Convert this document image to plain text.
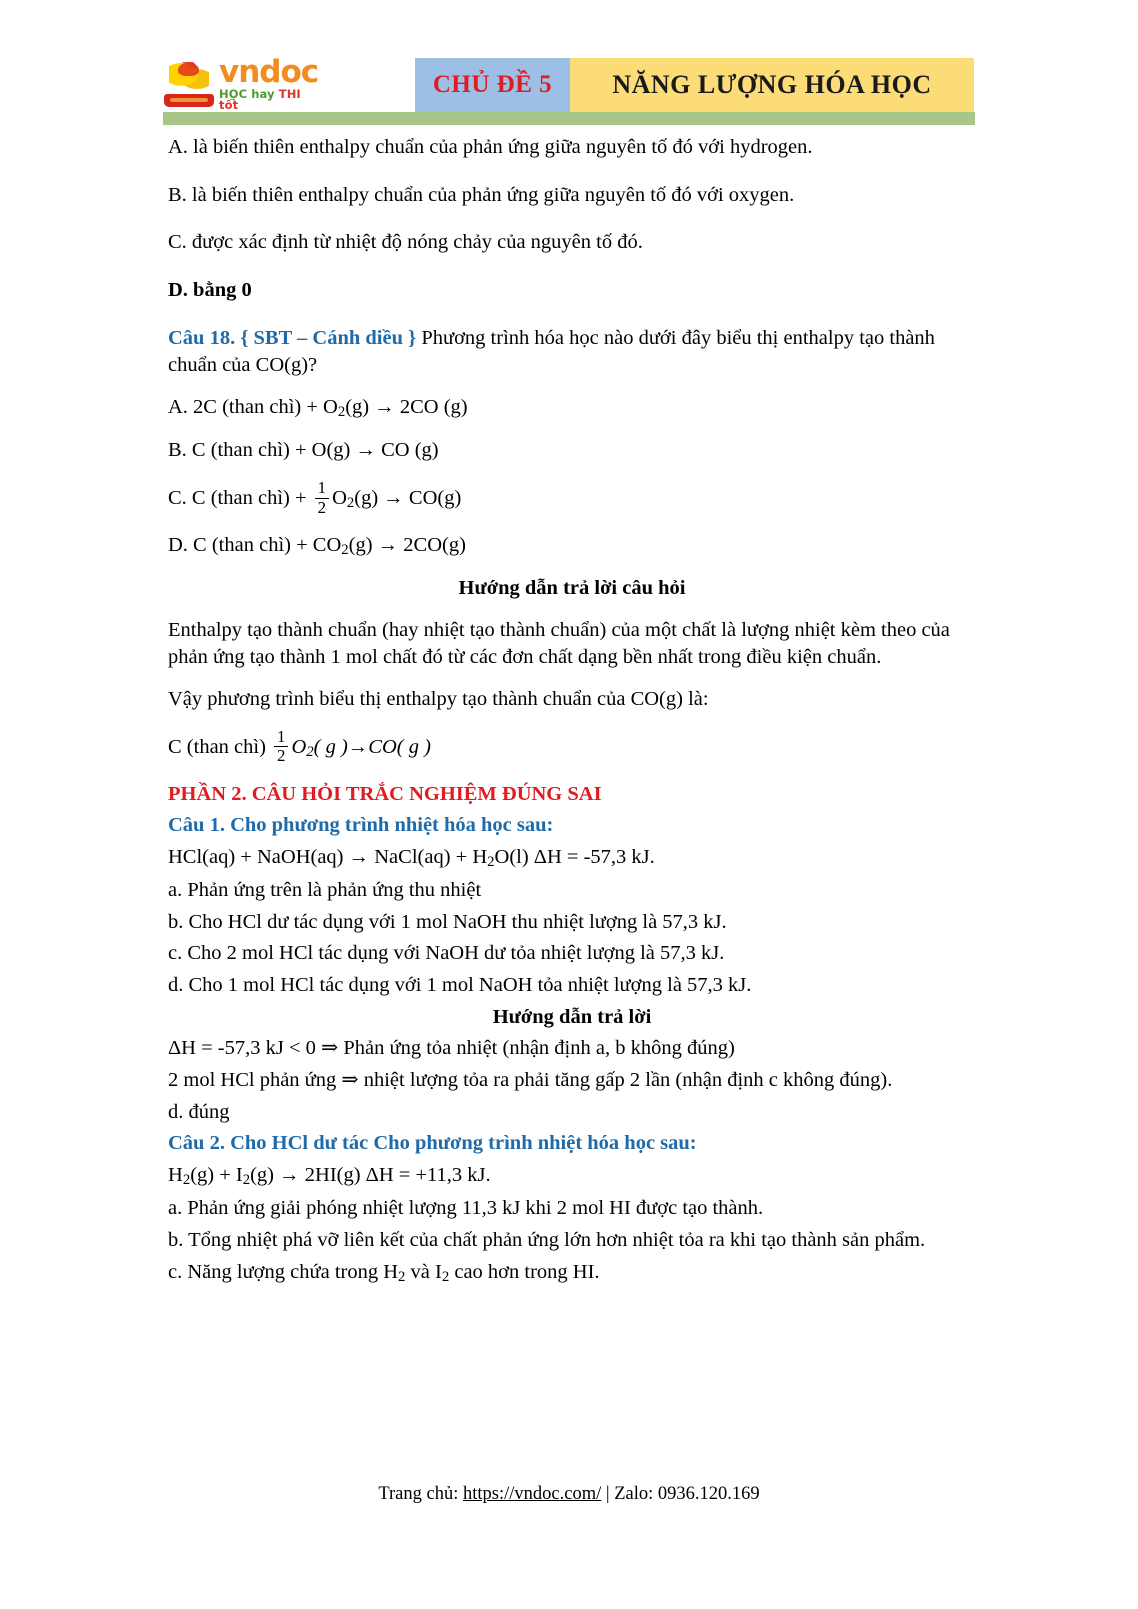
vndoc
HỌC hay THI tốt
CHỦ ĐỀ 5 NĂNG LƯỢNG HÓA HỌC

A. là biến thiên enthalpy chuẩn của phản ứng giữa nguyên tố đó với hydrogen.

B. là biến thiên enthalpy chuẩn của phản ứng giữa nguyên tố đó với oxygen.

C. được xác định từ nhiệt độ nóng chảy của nguyên tố đó.

D. bằng 0

Câu 18. { SBT – Cánh diều } Phương trình hóa học nào dưới đây biểu thị enthalpy tạo thành chuẩn của CO(g)?

A. 2C (than chì) + $O_2(g) \to 2CO$ (g)

B. C (than chì) + O(g) → CO (g)

C. C (than chì) + $\frac{1}{2} O_2(g) \to CO(g)$

D. C (than chì) + $CO_2(g) \to 2CO(g)$

Hướng dẫn trả lời câu hỏi

Enthalpy tạo thành chuẩn (hay nhiệt tạo thành chuẩn) của một chất là lượng nhiệt kèm theo của phản ứng tạo thành 1 mol chất đó từ các đơn chất dạng bền nhất trong điều kiện chuẩn.

Vậy phương trình biểu thị enthalpy tạo thành chuẩn của CO(g) là:

C (than chì) $\frac{1}{2} O_2$( g )→CO( g )

PHẦN 2. CÂU HỎI TRẮC NGHIỆM ĐÚNG SAI

Câu 1. Cho phương trình nhiệt hóa học sau:

HCl(aq) + NaOH(aq) → NaCl(aq) + $H_2O(l) \Delta H = -57,3$ kJ.

a. Phản ứng trên là phản ứng thu nhiệt

b. Cho HCl dư tác dụng với 1 mol NaOH thu nhiệt lượng là 57,3 kJ.

c. Cho 2 mol HCl tác dụng với NaOH dư tỏa nhiệt lượng là 57,3 kJ.

d. Cho 1 mol HCl tác dụng với 1 mol NaOH tỏa nhiệt lượng là 57,3 kJ.

Hướng dẫn trả lời

ΔH = -57,3 kJ < 0 ⇒ Phản ứng tỏa nhiệt (nhận định a, b không đúng)

2 mol HCl phản ứng ⇒ nhiệt lượng tỏa ra phải tăng gấp 2 lần (nhận định c không đúng).

d. đúng

Câu 2. Cho HCl dư tác Cho phương trình nhiệt hóa học sau:

$H_2(g) + I_2(g) \to 2HI(g) \Delta H = +11,3$ kJ.

a. Phản ứng giải phóng nhiệt lượng 11,3 kJ khi 2 mol HI được tạo thành.

b. Tổng nhiệt phá vỡ liên kết của chất phản ứng lớn hơn nhiệt tỏa ra khi tạo thành sản phẩm.

c. Năng lượng chứa trong $H_2$ và $I_2$ cao hơn trong HI.

Trang chủ: https://vndoc.com/ | Zalo: 0936.120.169
